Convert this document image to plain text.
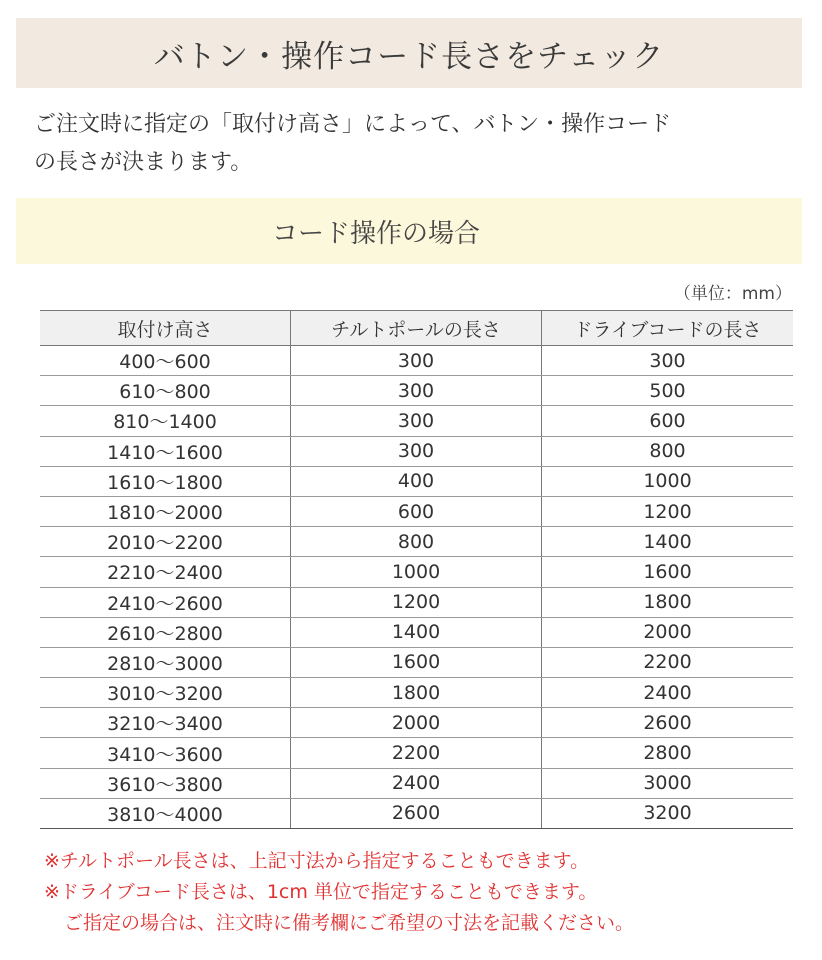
バトン・操作コード長さをチェック
ご注文時に指定の「取付け高さ」によって、バトン・操作コード
の長さが決まります。
コード操作の場合
（単位：mm）
取付け高さ	チルトポールの長さ	ドライブコードの長さ
400〜600	300	300
610〜800	300	500
810〜1400	300	600
1410〜1600	300	800
1610〜1800	400	1000
1810〜2000	600	1200
2010〜2200	800	1400
2210〜2400	1000	1600
2410〜2600	1200	1800
2610〜2800	1400	2000
2810〜3000	1600	2200
3010〜3200	1800	2400
3210〜3400	2000	2600
3410〜3600	2200	2800
3610〜3800	2400	3000
3810〜4000	2600	3200
※チルトポール長さは、上記寸法から指定することもできます。
※ドライブコード長さは、1cm 単位で指定することもできます。
ご指定の場合は、注文時に備考欄にご希望の寸法を記載ください。
